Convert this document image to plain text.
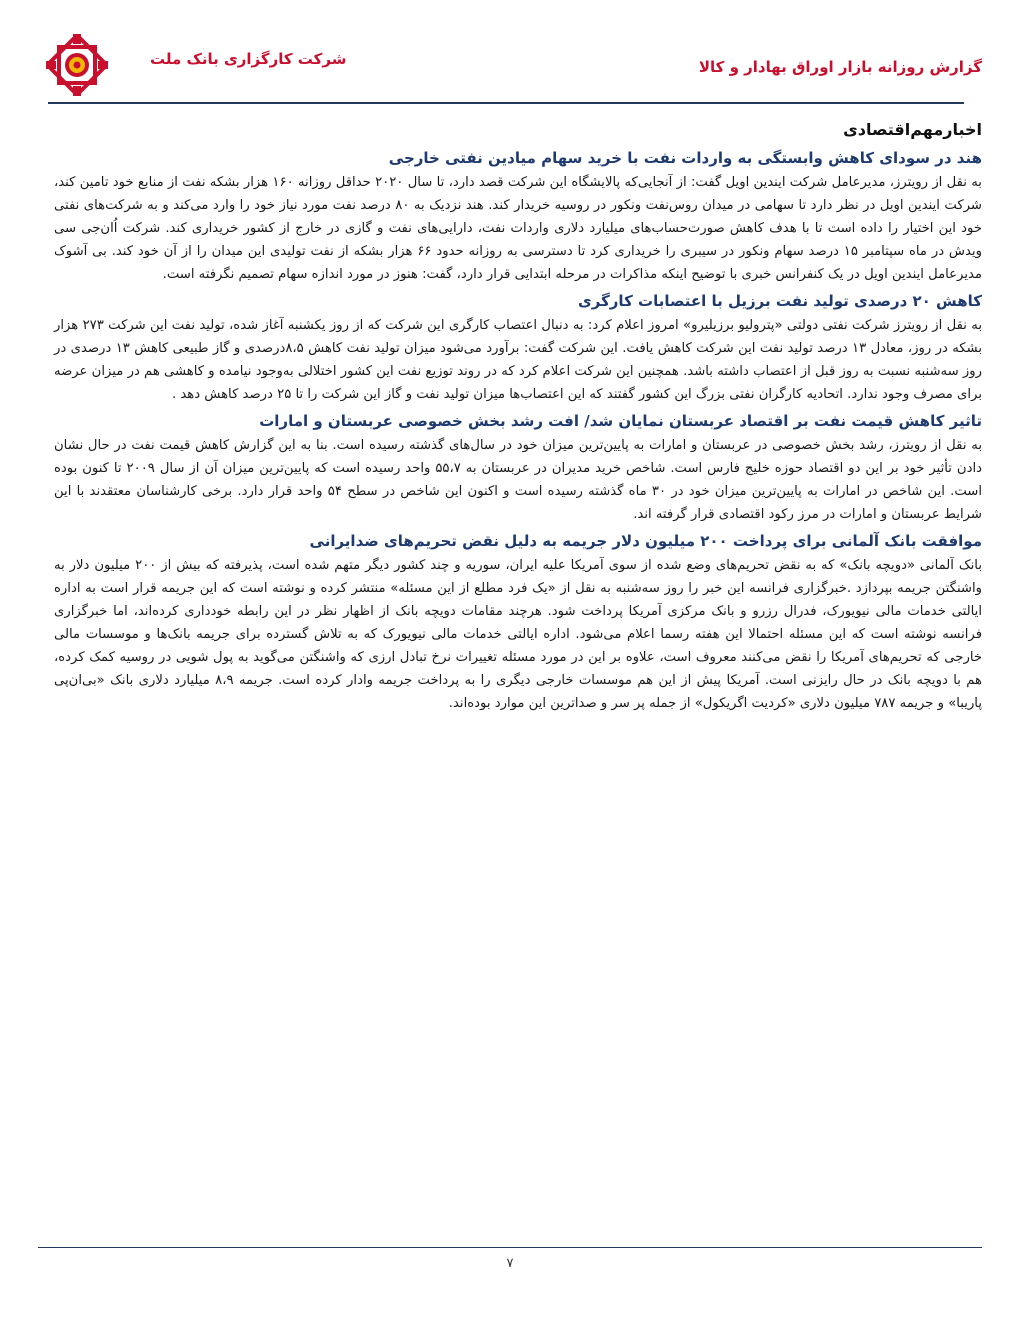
گزارش روزانه بازار اوراق بهادار و کالا
شرکت کارگزاری بانک ملت
اخبارمهم‌اقتصادی
هند در سودای کاهش وابستگی به واردات نفت با خرید سهام میادین نفتی خارجی

به نقل از رویترز، مدیرعامل شرکت ایندین اویل گفت: از آنجایی‌که پالایشگاه این شرکت قصد دارد، تا سال ۲۰۲۰ حداقل روزانه ۱۶۰ هزار بشکه نفت از منابع خود تامین کند، شرکت ایندین اویل در نظر دارد تا سهامی در میدان روس‌نفت ونکور در روسیه خریدار کند. هند نزدیک به ۸۰ درصد نفت مورد نیاز خود را وارد می‌کند و به شرکت‌های نفتی خود این اختیار را داده است تا با هدف کاهش صورت‌حساب‌های میلیارد دلاری واردات نفت، دارایی‌های نفت و گازی در خارج از کشور خریداری کند. شرکت اُان‌جی سی ویدش در ماه سپتامبر ۱۵ درصد سهام ونکور در سیبری را خریداری کرد تا دسترسی به روزانه حدود ۶۶ هزار بشکه از نفت تولیدی این میدان را از آن خود کند. بی آشوک مدیرعامل ایندین اویل در یک کنفرانس خبری با توضیح اینکه مذاکرات در مرحله ابتدایی قرار دارد، گفت: هنوز در مورد اندازه سهام تصمیم نگرفته است.

کاهش ۲۰ درصدی تولید نفت برزیل با اعتصابات کارگری

به نقل از رویترز شرکت نفتی دولتی «پترولیو برزیلیرو» امروز اعلام کرد: به دنبال اعتصاب کارگری این شرکت که از روز یکشنبه آغاز شده، تولید نفت این شرکت ۲۷۳ هزار بشکه در روز، معادل ۱۳ درصد تولید نفت این شرکت کاهش یافت. این شرکت گفت: برآورد می‌شود میزان تولید نفت کاهش ۸،۵درصدی و گاز طبیعی کاهش ۱۳ درصدی در روز سه‌شنبه نسبت به روز قبل از اعتصاب داشته باشد. همچنین این شرکت اعلام کرد که در روند توزیع نفت این کشور اختلالی به‌وجود نیامده و کاهشی هم در میزان عرضه برای مصرف وجود ندارد. اتحادیه کارگران نفتی بزرگ این کشور گفتند که این اعتصاب‌ها میزان تولید نفت و گاز این شرکت را تا ۲۵ درصد کاهش دهد .

تاثیر کاهش قیمت نفت بر اقتصاد عربستان نمایان شد/ افت رشد بخش خصوصی عربستان و امارات

به نقل از رویترز، رشد بخش خصوصی در عربستان و امارات به پایین‌ترین میزان خود در سال‌های گذشته رسیده است. بنا به این گزارش کاهش قیمت نفت در حال نشان دادن تأثیر خود بر این دو اقتصاد حوزه خلیج فارس است. شاخص خرید مدیران در عربستان به ۵۵،۷ واحد رسیده است که پایین‌ترین میزان آن از سال ۲۰۰۹ تا کنون بوده است. این شاخص در امارات به پایین‌ترین میزان خود در ۳۰ ماه گذشته رسیده است و اکنون این شاخص در سطح ۵۴ واحد قرار دارد. برخی کارشناسان معتقدند با این شرایط عربستان و امارات در مرز رکود اقتصادی قرار گرفته اند.

موافقت بانک آلمانی برای پرداخت ۲۰۰ میلیون دلار جریمه به دلیل نقض تحریم‌های ضدایرانی

بانک آلمانی «دویچه بانک» که به نقض تحریم‌های وضع شده از سوی آمریکا علیه ایران، سوریه و چند کشور دیگر متهم شده است، پذیرفته که بیش از ۲۰۰ میلیون دلار به واشنگتن جریمه بپردازد .خبرگزاری فرانسه این خبر را روز سه‌شنبه به نقل از «یک فرد مطلع از این مسئله» منتشر کرده و نوشته است که این جریمه قرار است به اداره ایالتی خدمات مالی نیویورک، فدرال رزرو و بانک مرکزی آمریکا پرداخت شود. هرچند مقامات دویچه بانک از اظهار نظر در این رابطه خودداری کرده‌اند، اما خبرگزاری فرانسه نوشته است که این مسئله احتمالا این هفته رسما اعلام می‌شود. اداره ایالتی خدمات مالی نیویورک که به تلاش گسترده برای جریمه بانک‌ها و موسسات مالی خارجی که تحریم‌های آمریکا را نقض می‌کنند معروف است، علاوه بر این در مورد مسئله تغییرات نرخ تبادل ارزی که واشنگتن می‌گوید به پول شویی در روسیه کمک کرده، هم با دویچه بانک در حال رایزنی است. آمریکا پیش از این هم موسسات خارجی دیگری را به پرداخت جریمه وادار کرده است. جریمه ۸،۹ میلیارد دلاری بانک «بی‌ان‌پی پاریبا» و جریمه ۷۸۷ میلیون دلاری «کردیت اگریکول» از جمله پر سر و صداترین این موارد بوده‌اند.

۷
